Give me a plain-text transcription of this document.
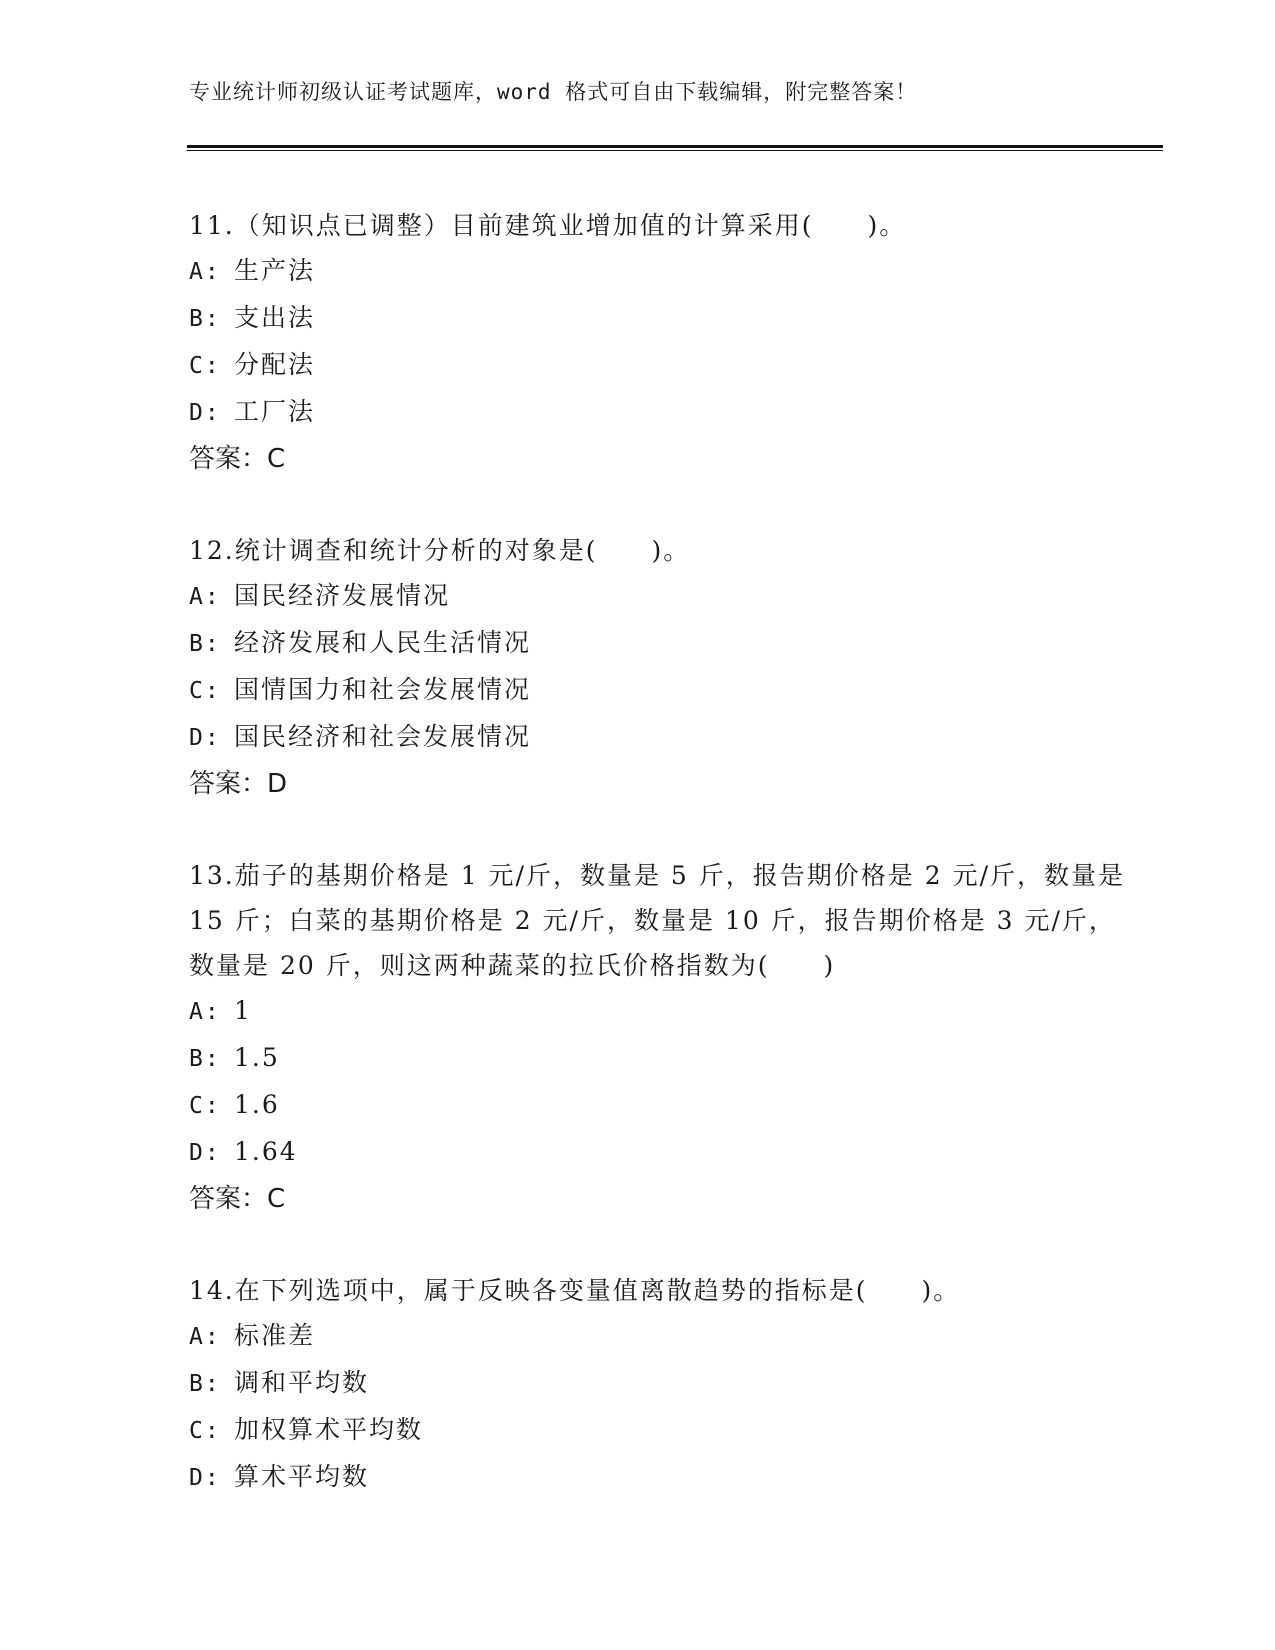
专业统计师初级认证考试题库，word 格式可自由下载编辑，附完整答案！
11.（知识点已调整）目前建筑业增加值的计算采用(　　)。
A: 生产法
B: 支出法
C: 分配法
D: 工厂法
答案：C
12.统计调查和统计分析的对象是(　　)。
A: 国民经济发展情况
B: 经济发展和人民生活情况
C: 国情国力和社会发展情况
D: 国民经济和社会发展情况
答案：D
13.茄子的基期价格是 1 元/斤，数量是 5 斤，报告期价格是 2 元/斤，数量是 15 斤；白菜的基期价格是 2 元/斤，数量是 10 斤，报告期价格是 3 元/斤，数量是 20 斤，则这两种蔬菜的拉氏价格指数为(　　)
A: 1
B: 1.5
C: 1.6
D: 1.64
答案：C
14.在下列选项中，属于反映各变量值离散趋势的指标是(　　)。
A: 标准差
B: 调和平均数
C: 加权算术平均数
D: 算术平均数
